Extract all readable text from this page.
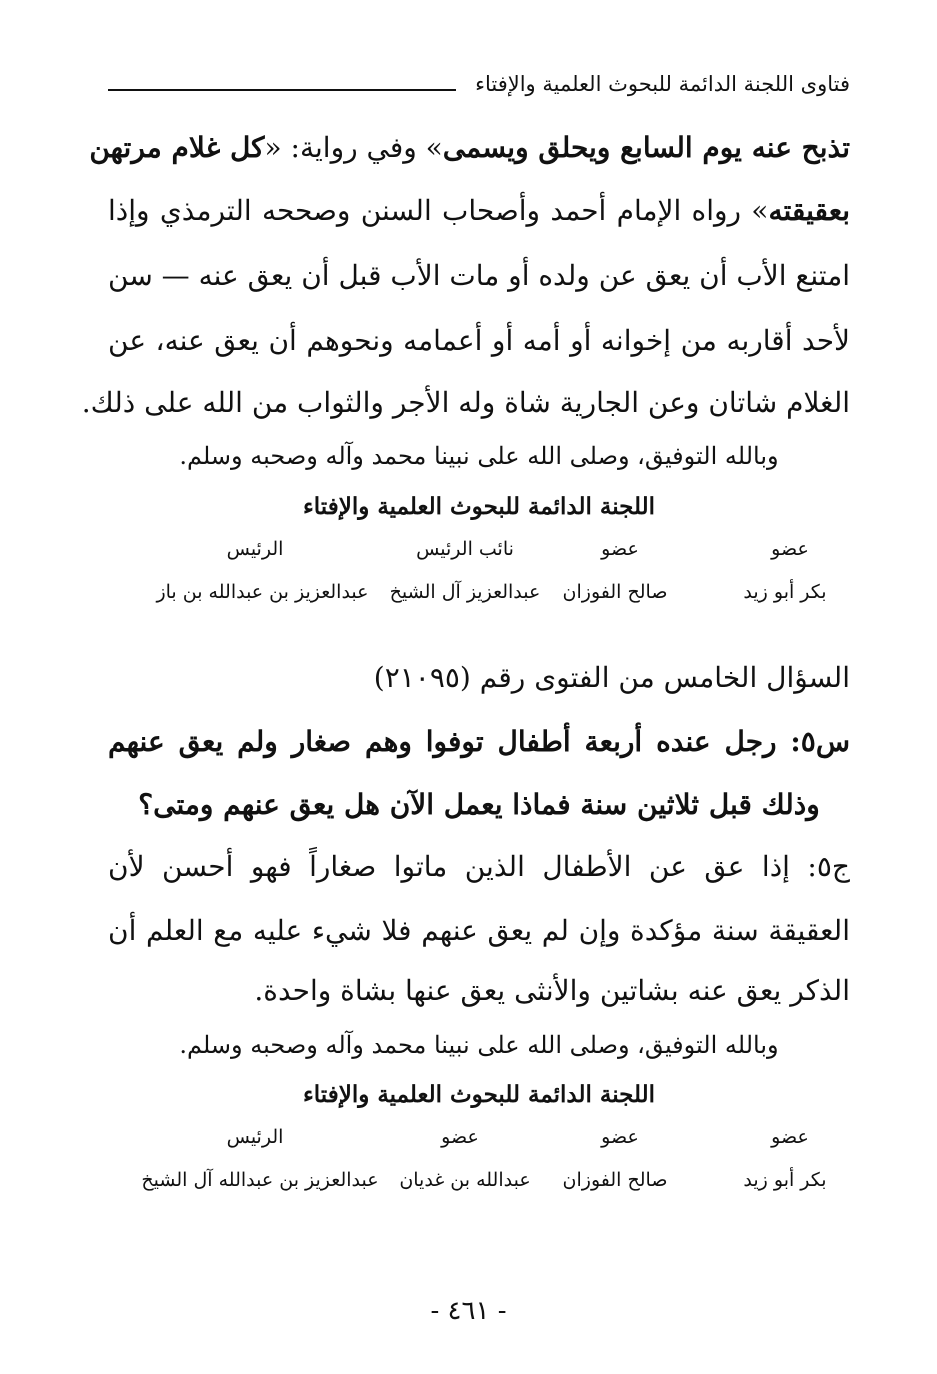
فتاوى اللجنة الدائمة للبحوث العلمية والإفتاء
تذبح عنه يوم السابع ويحلق ويسمى» وفي رواية: «كل غلام مرتهن
بعقيقته» رواه الإمام أحمد وأصحاب السنن وصححه الترمذي وإذا
امتنع الأب أن يعق عن ولده أو مات الأب قبل أن يعق عنه — سن
لأحد أقاربه من إخوانه أو أمه أو أعمامه ونحوهم أن يعق عنه، عن
الغلام شاتان وعن الجارية شاة وله الأجر والثواب من الله على ذلك.
وبالله التوفيق، وصلى الله على نبينا محمد وآله وصحبه وسلم.
اللجنة الدائمة للبحوث العلمية والإفتاء
عضو
عضو
نائب الرئيس
الرئيس
بكر أبو زيد
صالح الفوزان
عبدالعزيز آل الشيخ
عبدالعزيز بن عبدالله بن باز
السؤال الخامس من الفتوى رقم (٢١٠٩٥)
س٥: رجل عنده أربعة أطفال توفوا وهم صغار ولم يعق عنهم
وذلك قبل ثلاثين سنة فماذا يعمل الآن هل يعق عنهم ومتى؟
ج٥: إذا عق عن الأطفال الذين ماتوا صغاراً فهو أحسن لأن
العقيقة سنة مؤكدة وإن لم يعق عنهم فلا شيء عليه مع العلم أن
الذكر يعق عنه بشاتين والأنثى يعق عنها بشاة واحدة.
وبالله التوفيق، وصلى الله على نبينا محمد وآله وصحبه وسلم.
اللجنة الدائمة للبحوث العلمية والإفتاء
عضو
عضو
عضو
الرئيس
بكر أبو زيد
صالح الفوزان
عبدالله بن غديان
عبدالعزيز بن عبدالله آل الشيخ
- ٤٦١ -
